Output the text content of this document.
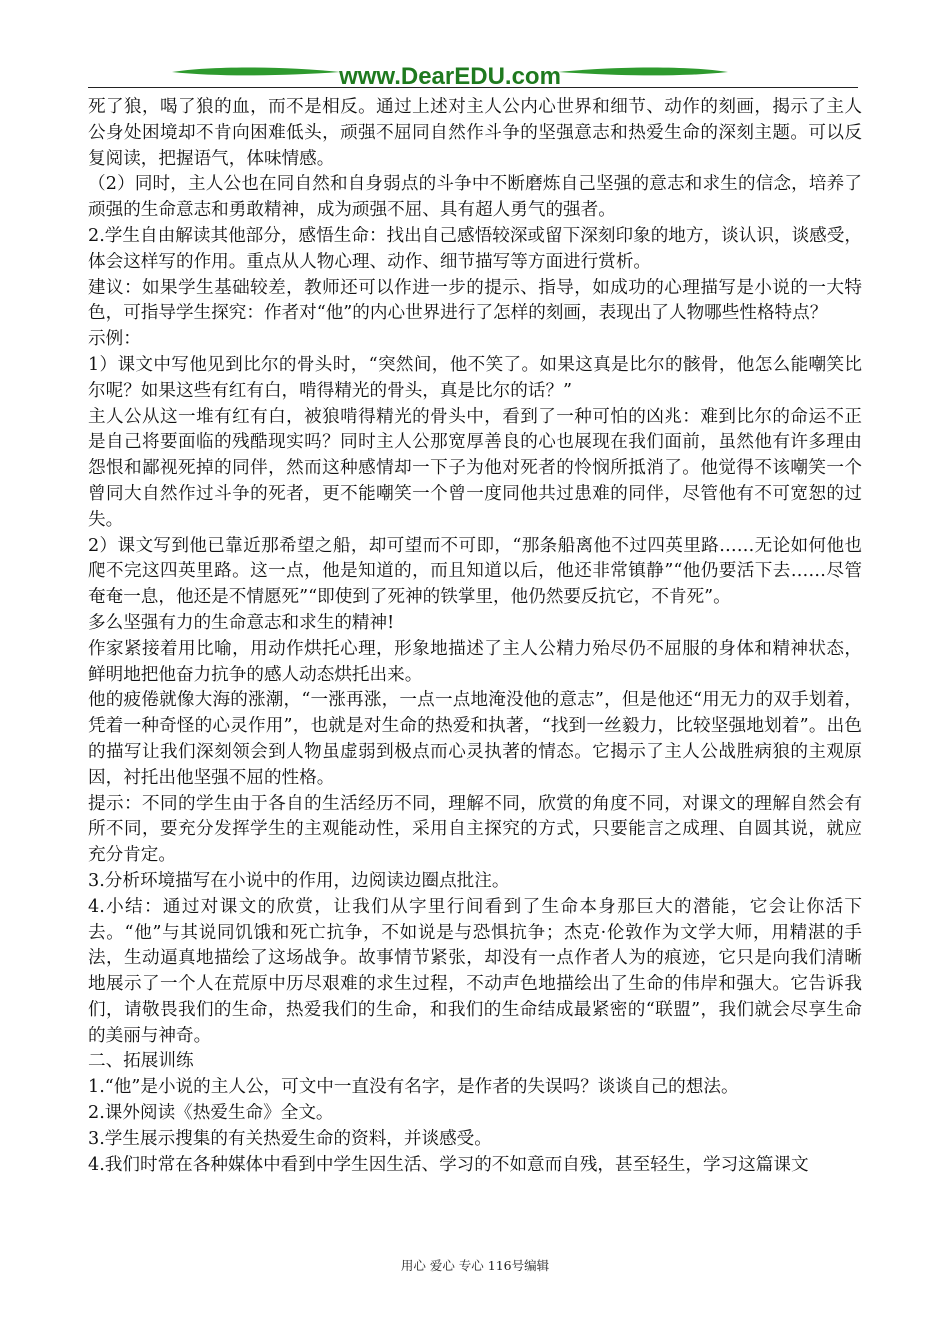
www.DearEDU.com

死了狼，喝了狼的血，而不是相反。通过上述对主人公内心世界和细节、动作的刻画，揭示了主人公身处困境却不肯向困难低头，顽强不屈同自然作斗争的坚强意志和热爱生命的深刻主题。可以反复阅读，把握语气，体味情感。

（2）同时，主人公也在同自然和自身弱点的斗争中不断磨炼自己坚强的意志和求生的信念，培养了顽强的生命意志和勇敢精神，成为顽强不屈、具有超人勇气的强者。

2.学生自由解读其他部分，感悟生命：找出自己感悟较深或留下深刻印象的地方，谈认识，谈感受，体会这样写的作用。重点从人物心理、动作、细节描写等方面进行赏析。

建议：如果学生基础较差，教师还可以作进一步的提示、指导，如成功的心理描写是小说的一大特色，可指导学生探究：作者对“他”的内心世界进行了怎样的刻画，表现出了人物哪些性格特点？

示例：

1）课文中写他见到比尔的骨头时，“突然间，他不笑了。如果这真是比尔的骸骨，他怎么能嘲笑比尔呢？如果这些有红有白，啃得精光的骨头，真是比尔的话？”

主人公从这一堆有红有白，被狼啃得精光的骨头中，看到了一种可怕的凶兆：难到比尔的命运不正是自己将要面临的残酷现实吗？同时主人公那宽厚善良的心也展现在我们面前，虽然他有许多理由怨恨和鄙视死掉的同伴，然而这种感情却一下子为他对死者的怜悯所抵消了。他觉得不该嘲笑一个曾同大自然作过斗争的死者，更不能嘲笑一个曾一度同他共过患难的同伴，尽管他有不可宽恕的过失。

2）课文写到他已靠近那希望之船，却可望而不可即，“那条船离他不过四英里路……无论如何他也爬不完这四英里路。这一点，他是知道的，而且知道以后，他还非常镇静”“他仍要活下去……尽管奄奄一息，他还是不情愿死”“即使到了死神的铁掌里，他仍然要反抗它，不肯死”。

多么坚强有力的生命意志和求生的精神!

作家紧接着用比喻，用动作烘托心理，形象地描述了主人公精力殆尽仍不屈服的身体和精神状态，鲜明地把他奋力抗争的感人动态烘托出来。

他的疲倦就像大海的涨潮，“一涨再涨，一点一点地淹没他的意志”，但是他还“用无力的双手划着，凭着一种奇怪的心灵作用”，也就是对生命的热爱和执著，“找到一丝毅力，比较坚强地划着”。出色的描写让我们深刻领会到人物虽虚弱到极点而心灵执著的情态。它揭示了主人公战胜病狼的主观原因，衬托出他坚强不屈的性格。

提示：不同的学生由于各自的生活经历不同，理解不同，欣赏的角度不同，对课文的理解自然会有所不同，要充分发挥学生的主观能动性，采用自主探究的方式，只要能言之成理、自圆其说，就应充分肯定。

3.分析环境描写在小说中的作用，边阅读边圈点批注。

4.小结：通过对课文的欣赏，让我们从字里行间看到了生命本身那巨大的潜能，它会让你活下去。“他”与其说同饥饿和死亡抗争，不如说是与恐惧抗争；杰克·伦敦作为文学大师，用精湛的手法，生动逼真地描绘了这场战争。故事情节紧张，却没有一点作者人为的痕迹，它只是向我们清晰地展示了一个人在荒原中历尽艰难的求生过程，不动声色地描绘出了生命的伟岸和强大。它告诉我们，请敬畏我们的生命，热爱我们的生命，和我们的生命结成最紧密的“联盟”，我们就会尽享生命的美丽与神奇。

二、拓展训练

1.“他”是小说的主人公，可文中一直没有名字，是作者的失误吗？谈谈自己的想法。

2.课外阅读《热爱生命》全文。

3.学生展示搜集的有关热爱生命的资料，并谈感受。

4.我们时常在各种媒体中看到中学生因生活、学习的不如意而自残，甚至轻生，学习这篇课文

用心 爱心 专心 116号编辑
